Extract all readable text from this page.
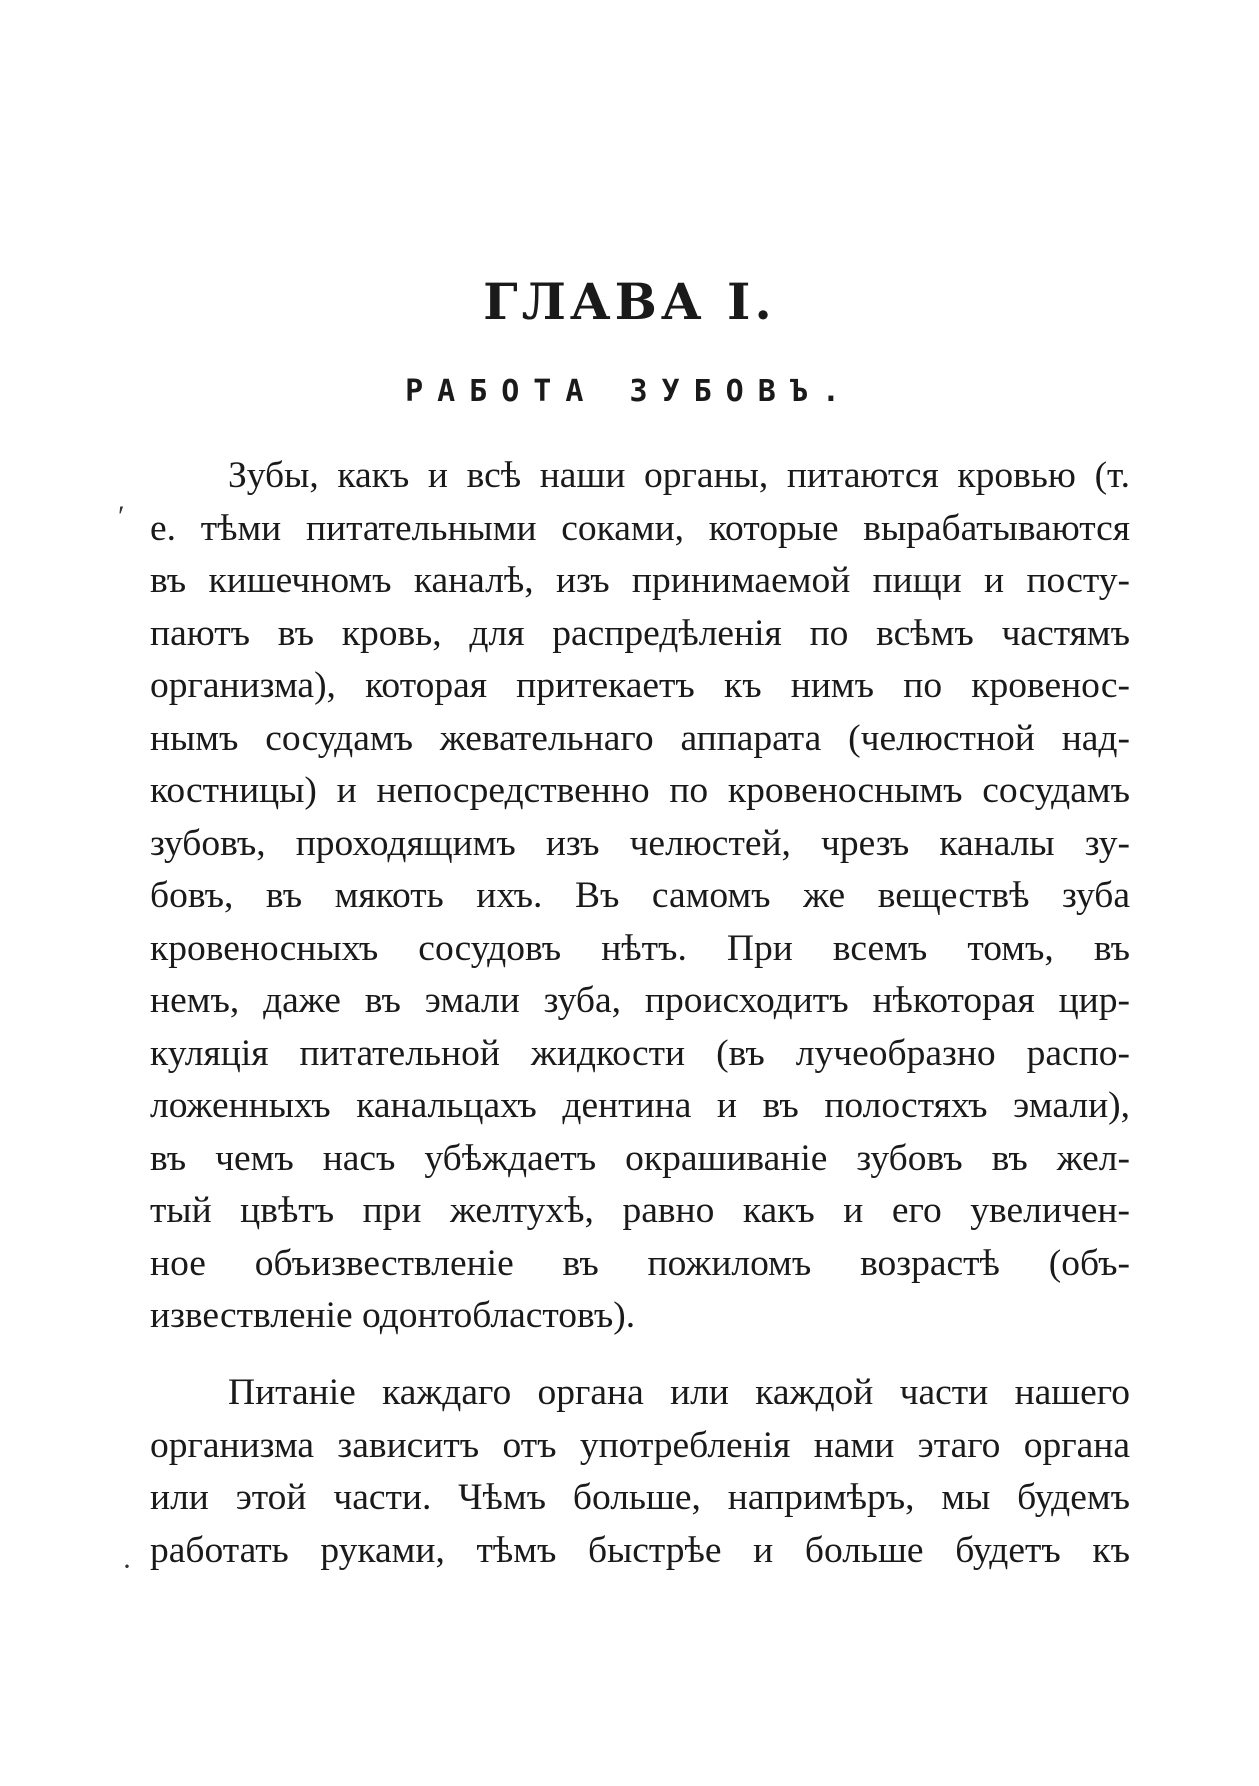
ГЛАВА I.
РАБОТА ЗУБОВЪ.
ʹ
·
Зубы, какъ и всѣ наши органы, питаются кровью (т.
е. тѣми питательными соками, которые вырабатываются
въ кишечномъ каналѣ, изъ принимаемой пищи и посту-
паютъ въ кровь, для распредѣленія по всѣмъ частямъ
организма), которая притекаетъ къ нимъ по кровенос-
нымъ сосудамъ жевательнаго аппарата (челюстной над-
костницы) и непосредственно по кровеноснымъ сосудамъ
зубовъ, проходящимъ изъ челюстей, чрезъ каналы зу-
бовъ, въ мякоть ихъ. Въ самомъ же веществѣ зуба
кровеносныхъ сосудовъ нѣтъ. При всемъ томъ, въ
немъ, даже въ эмали зуба, происходитъ нѣкоторая цир-
куляція питательной жидкости (въ лучеобразно распо-
ложенныхъ канальцахъ дентина и въ полостяхъ эмали),
въ чемъ насъ убѣждаетъ окрашиваніе зубовъ въ жел-
тый цвѣтъ при желтухѣ, равно какъ и его увеличен-
ное объизвествленіе въ пожиломъ возрастѣ (объ-
извествленіе одонтобластовъ).
Питаніе каждаго органа или каждой части нашего
организма зависитъ отъ употребленія нами этаго органа
или этой части. Чѣмъ больше, напримѣръ, мы будемъ
работать руками, тѣмъ быстрѣе и больше будетъ къ
